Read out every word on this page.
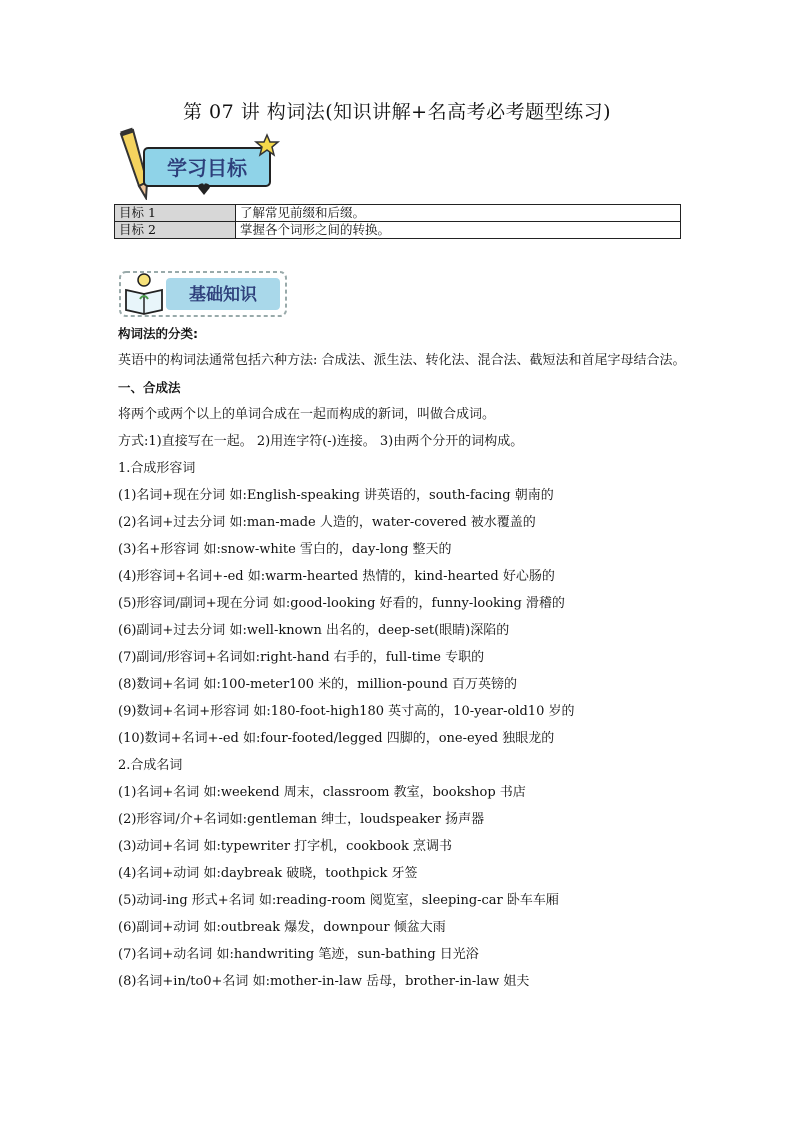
第 07 讲 构词法(知识讲解+名高考必考题型练习)
学习目标
目标 1	了解常见前缀和后缀。
目标 2	掌握各个词形之间的转换。
基础知识
构词法的分类:
英语中的构词法通常包括六种方法: 合成法、派生法、转化法、混合法、截短法和首尾字母结合法。
一、合成法
将两个或两个以上的单词合成在一起而构成的新词，叫做合成词。
方式:1)直接写在一起。 2)用连字符(-)连接。 3)由两个分开的词构成。
1.合成形容词
(1)名词+现在分词 如:English-speaking 讲英语的，south-facing 朝南的
(2)名词+过去分词 如:man-made 人造的，water-covered 被水覆盖的
(3)名+形容词 如:snow-white 雪白的，day-long 整天的
(4)形容词+名词+-ed 如:warm-hearted 热情的，kind-hearted 好心肠的
(5)形容词/副词+现在分词 如:good-looking 好看的，funny-looking 滑稽的
(6)副词+过去分词 如:well-known 出名的，deep-set(眼睛)深陷的
(7)副词/形容词+名词如:right-hand 右手的，full-time 专职的
(8)数词+名词 如:100-meter100 米的，million-pound 百万英镑的
(9)数词+名词+形容词 如:180-foot-high180 英寸高的，10-year-old10 岁的
(10)数词+名词+-ed 如:four-footed/legged 四脚的，one-eyed 独眼龙的
2.合成名词
(1)名词+名词 如:weekend 周末，classroom 教室，bookshop 书店
(2)形容词/介+名词如:gentleman 绅士，loudspeaker 扬声器
(3)动词+名词 如:typewriter 打字机，cookbook 烹调书
(4)名词+动词 如:daybreak 破晓，toothpick 牙签
(5)动词-ing 形式+名词 如:reading-room 阅览室，sleeping-car 卧车车厢
(6)副词+动词 如:outbreak 爆发，downpour 倾盆大雨
(7)名词+动名词 如:handwriting 笔迹，sun-bathing 日光浴
(8)名词+in/to0+名词 如:mother-in-law 岳母，brother-in-law 姐夫
